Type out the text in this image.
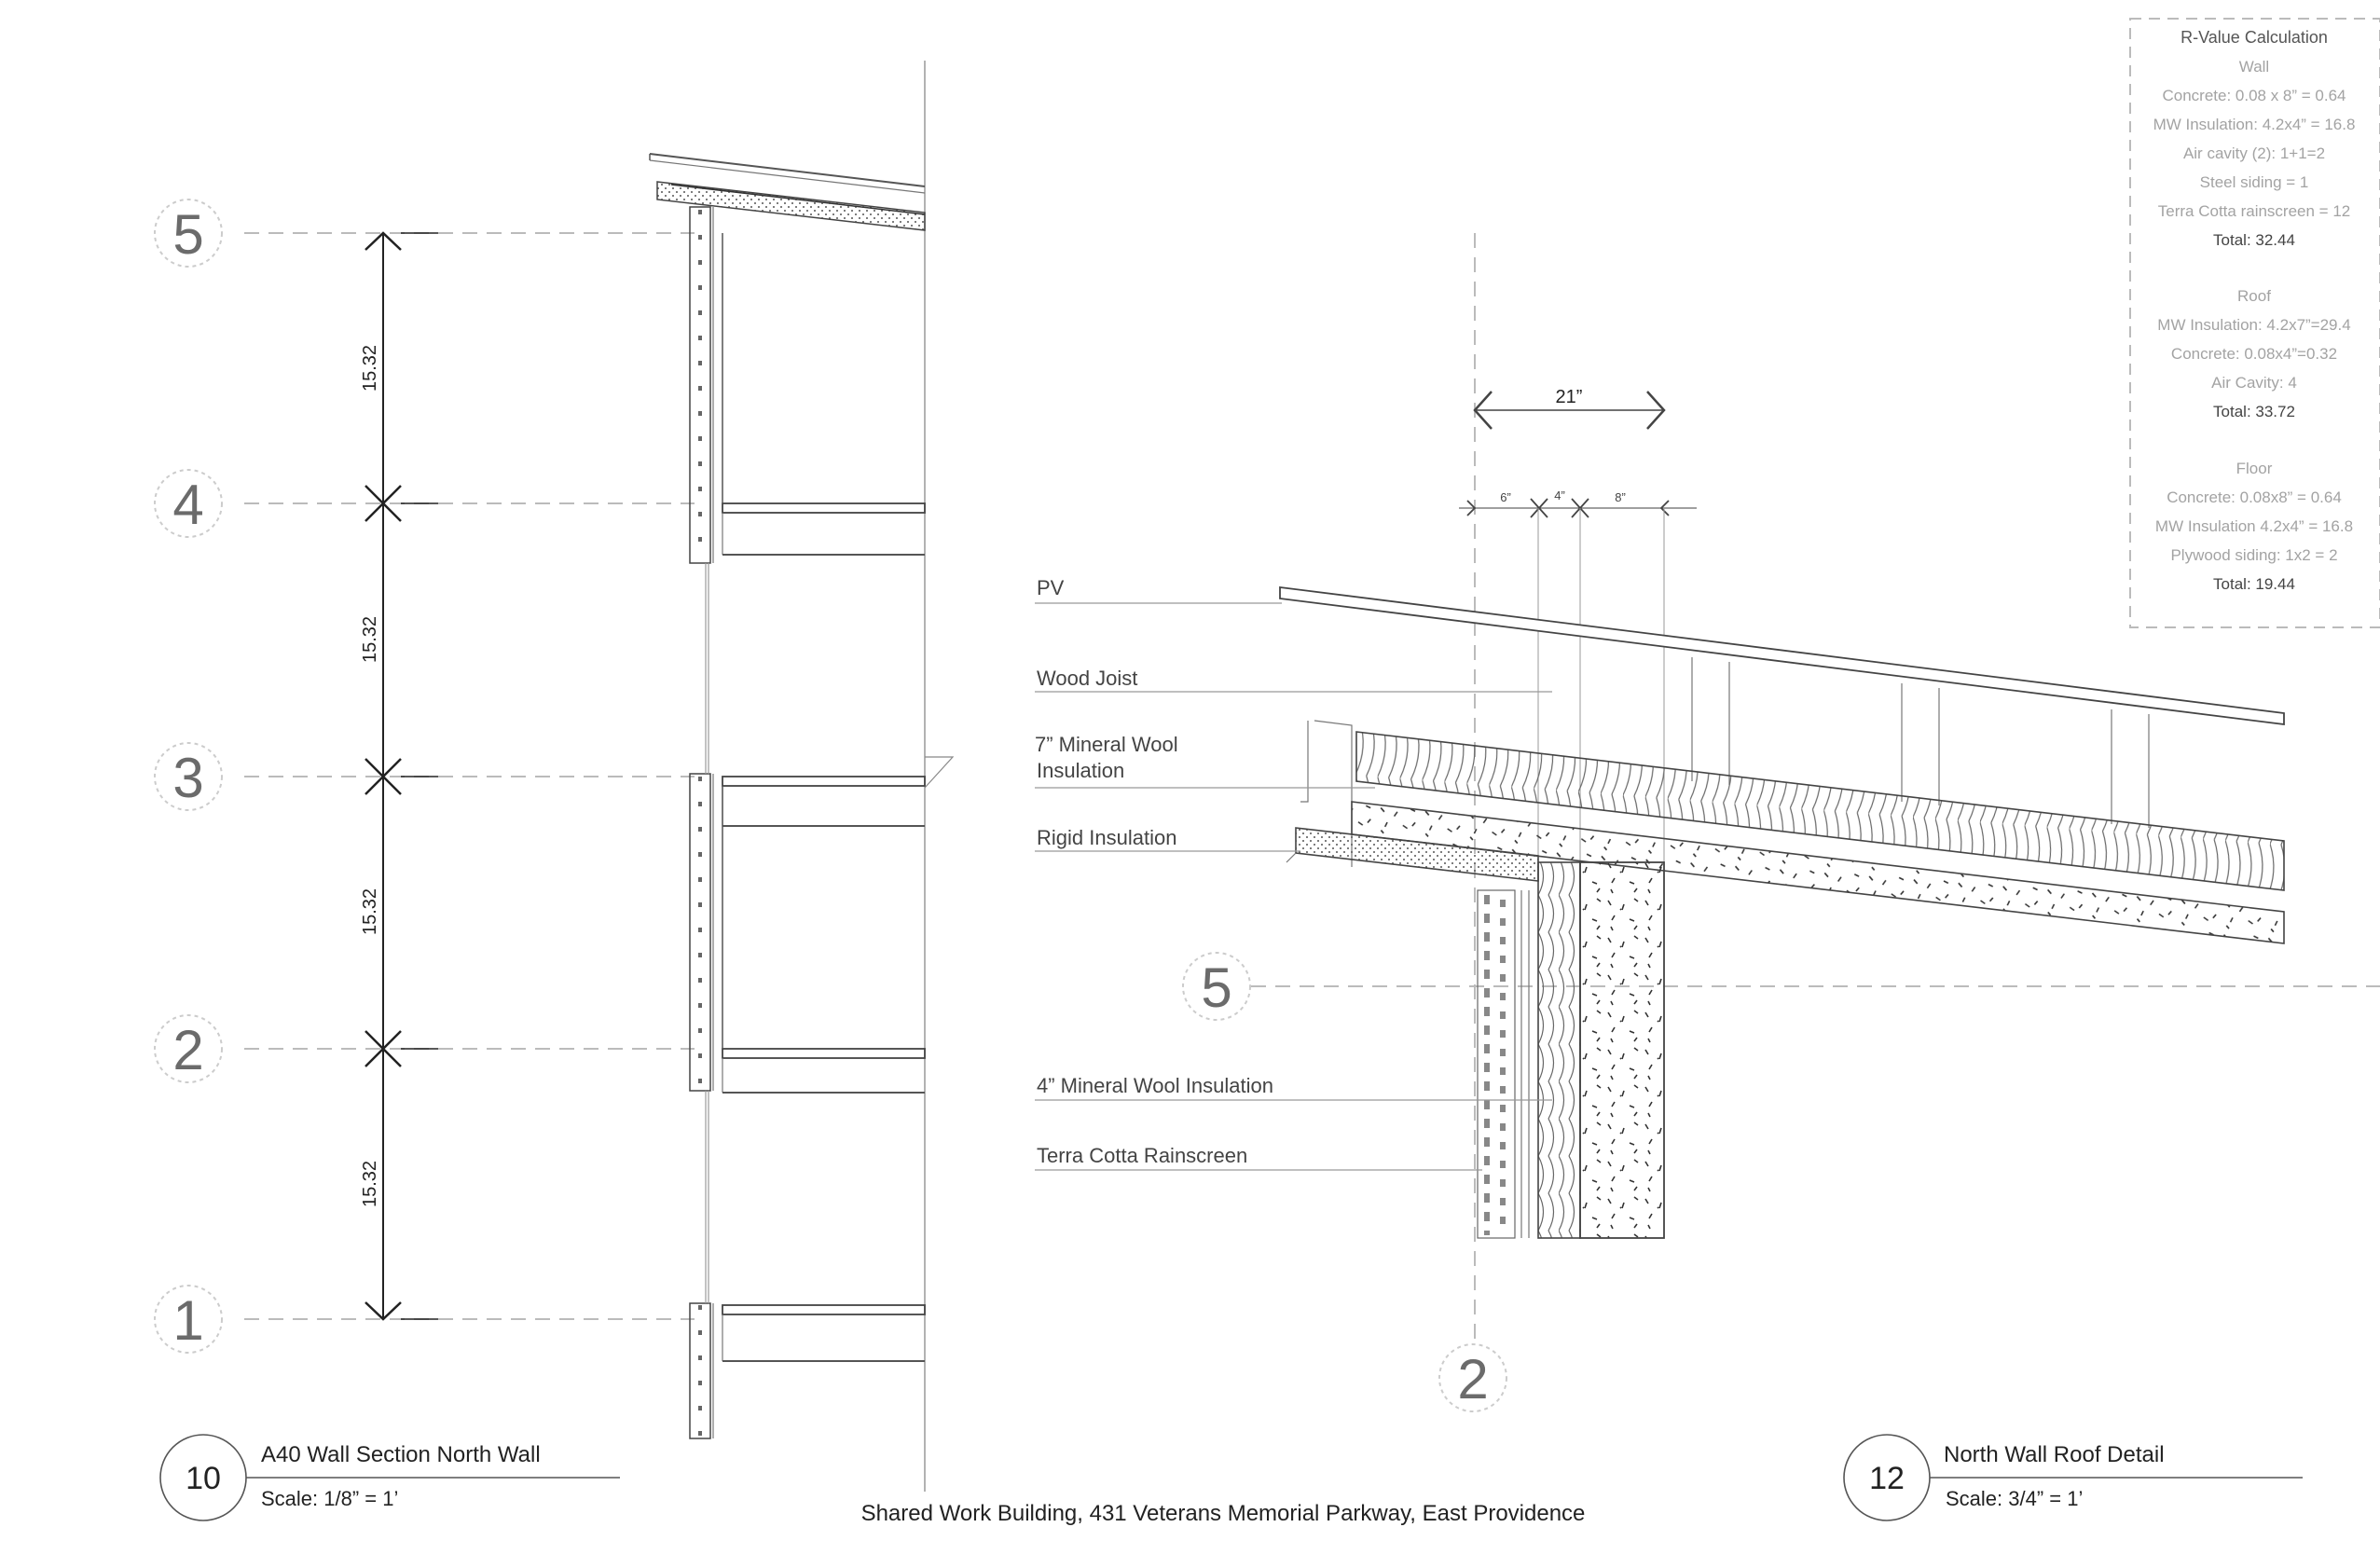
5
4
3
2
1
15.32
15.32
15.32
15.32
10
A40 Wall Section North Wall
Scale: 1/8” = 1’
5
2
21”
6”	4”	8”
PV
Wood Joist
7” Mineral Wool
Insulation
Rigid Insulation
4” Mineral Wool Insulation
Terra Cotta Rainscreen
R-Value Calculation
Wall
Concrete: 0.08 x 8” = 0.64
MW Insulation: 4.2x4” = 16.8
Air cavity (2): 1+1=2
Steel siding = 1
Terra Cotta rainscreen = 12
Total: 32.44
Roof
MW Insulation: 4.2x7”=29.4
Concrete: 0.08x4”=0.32
Air Cavity: 4
Total: 33.72
Floor
Concrete: 0.08x8” = 0.64
MW Insulation 4.2x4” = 16.8
Plywood siding: 1x2 = 2
Total: 19.44
12
North Wall Roof Detail
Scale: 3/4” = 1’
Shared Work Building, 431 Veterans Memorial Parkway, East Providence
